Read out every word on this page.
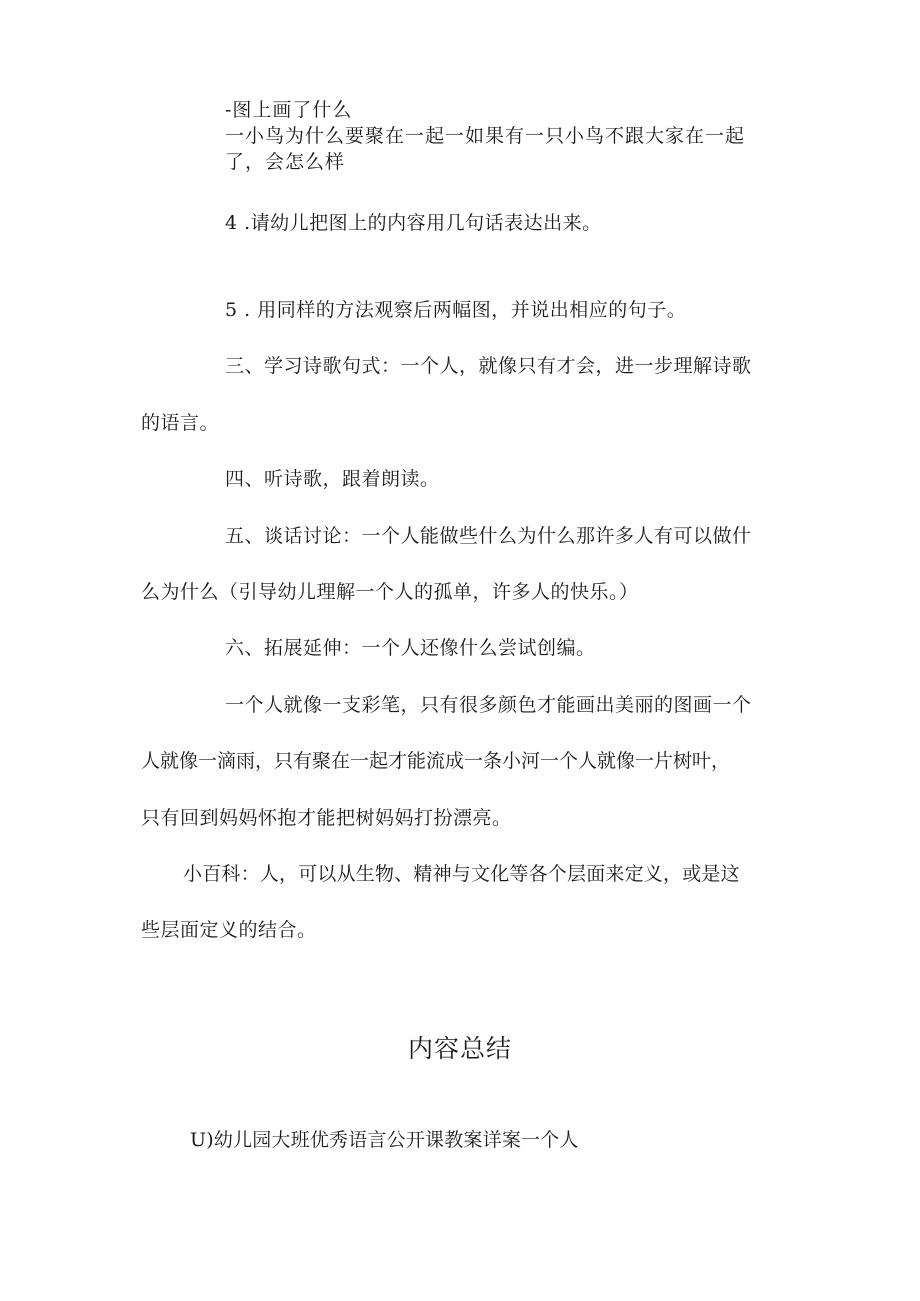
-图上画了什么
一小鸟为什么要聚在一起一如果有一只小鸟不跟大家在一起
了，会怎么样
4 .请幼儿把图上的内容用几句话表达出来。
5 . 用同样的方法观察后两幅图，并说出相应的句子。
三、学习诗歌句式：一个人，就像只有才会，进一步理解诗歌
的语言。
四、听诗歌，跟着朗读。
五、谈话讨论：一个人能做些什么为什么那许多人有可以做什
么为什么（引导幼儿理解一个人的孤单，许多人的快乐。）
六、拓展延伸：一个人还像什么尝试创编。
一个人就像一支彩笔，只有很多颜色才能画出美丽的图画一个
人就像一滴雨，只有聚在一起才能流成一条小河一个人就像一片树叶，
只有回到妈妈怀抱才能把树妈妈打扮漂亮。
小百科：人，可以从生物、精神与文化等各个层面来定义，或是这
些层面定义的结合。
内容总结
U)幼儿园大班优秀语言公开课教案详案一个人
